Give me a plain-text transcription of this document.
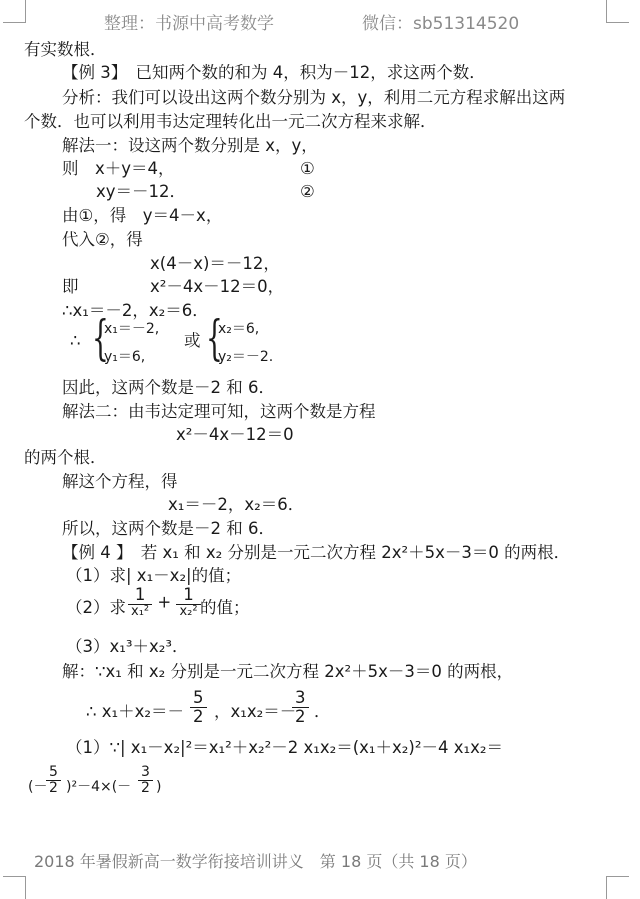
整理：书源中高考数学	微信：sb51314520
有实数根．
【例 3】　已知两个数的和为 4，积为－12，求这两个数．
分析：我们可以设出这两个数分别为 x，y，利用二元方程求解出这两
个数．也可以利用韦达定理转化出一元二次方程来求解．
解法一：设这两个数分别是 x，y，
则　x＋y＝4，	①
xy＝－12．	②
由①，得　y＝4－x，
代入②，得
x(4－x)＝－12，
即	x²－4x－12＝0，
∴x₁＝－2，x₂＝6．
∴ {
x₁＝－2,
y₁＝6,
或 {
x₂＝6,
y₂＝－2.
因此，这两个数是－2 和 6．
解法二：由韦达定理可知，这两个数是方程
x²－4x－12＝0
的两个根．
解这个方程，得
x₁＝－2，x₂＝6．
所以，这两个数是－2 和 6．
【例 4 】　若 x₁ 和 x₂ 分别是一元二次方程 2x²＋5x－3＝0 的两根．
（1）求| x₁－x₂|的值；
（2）求 $\frac{1}{\text{x₁²}} + \frac{1}{\text{x₂²}}$ 的值；
（3）x₁³＋x₂³．
解：∵x₁ 和 x₂ 分别是一元二次方程 2x²＋5x－3＝0 的两根，
∴ $x_1+x_2=- \frac{5}{2}$ ，x₁x₂＝－
$\frac{3}{2}$ ．
（1）∵| x₁－x₂|²＝x₁²＋x₂²－2 x₁x₂＝(x₁＋x₂)²－4 x₁x₂＝
(－
$\frac{5}{2} )^2-4\times(- \frac{3}{2}$ )
2018 年暑假新高一数学衔接培训讲义　第 18 页（共 18 页）
